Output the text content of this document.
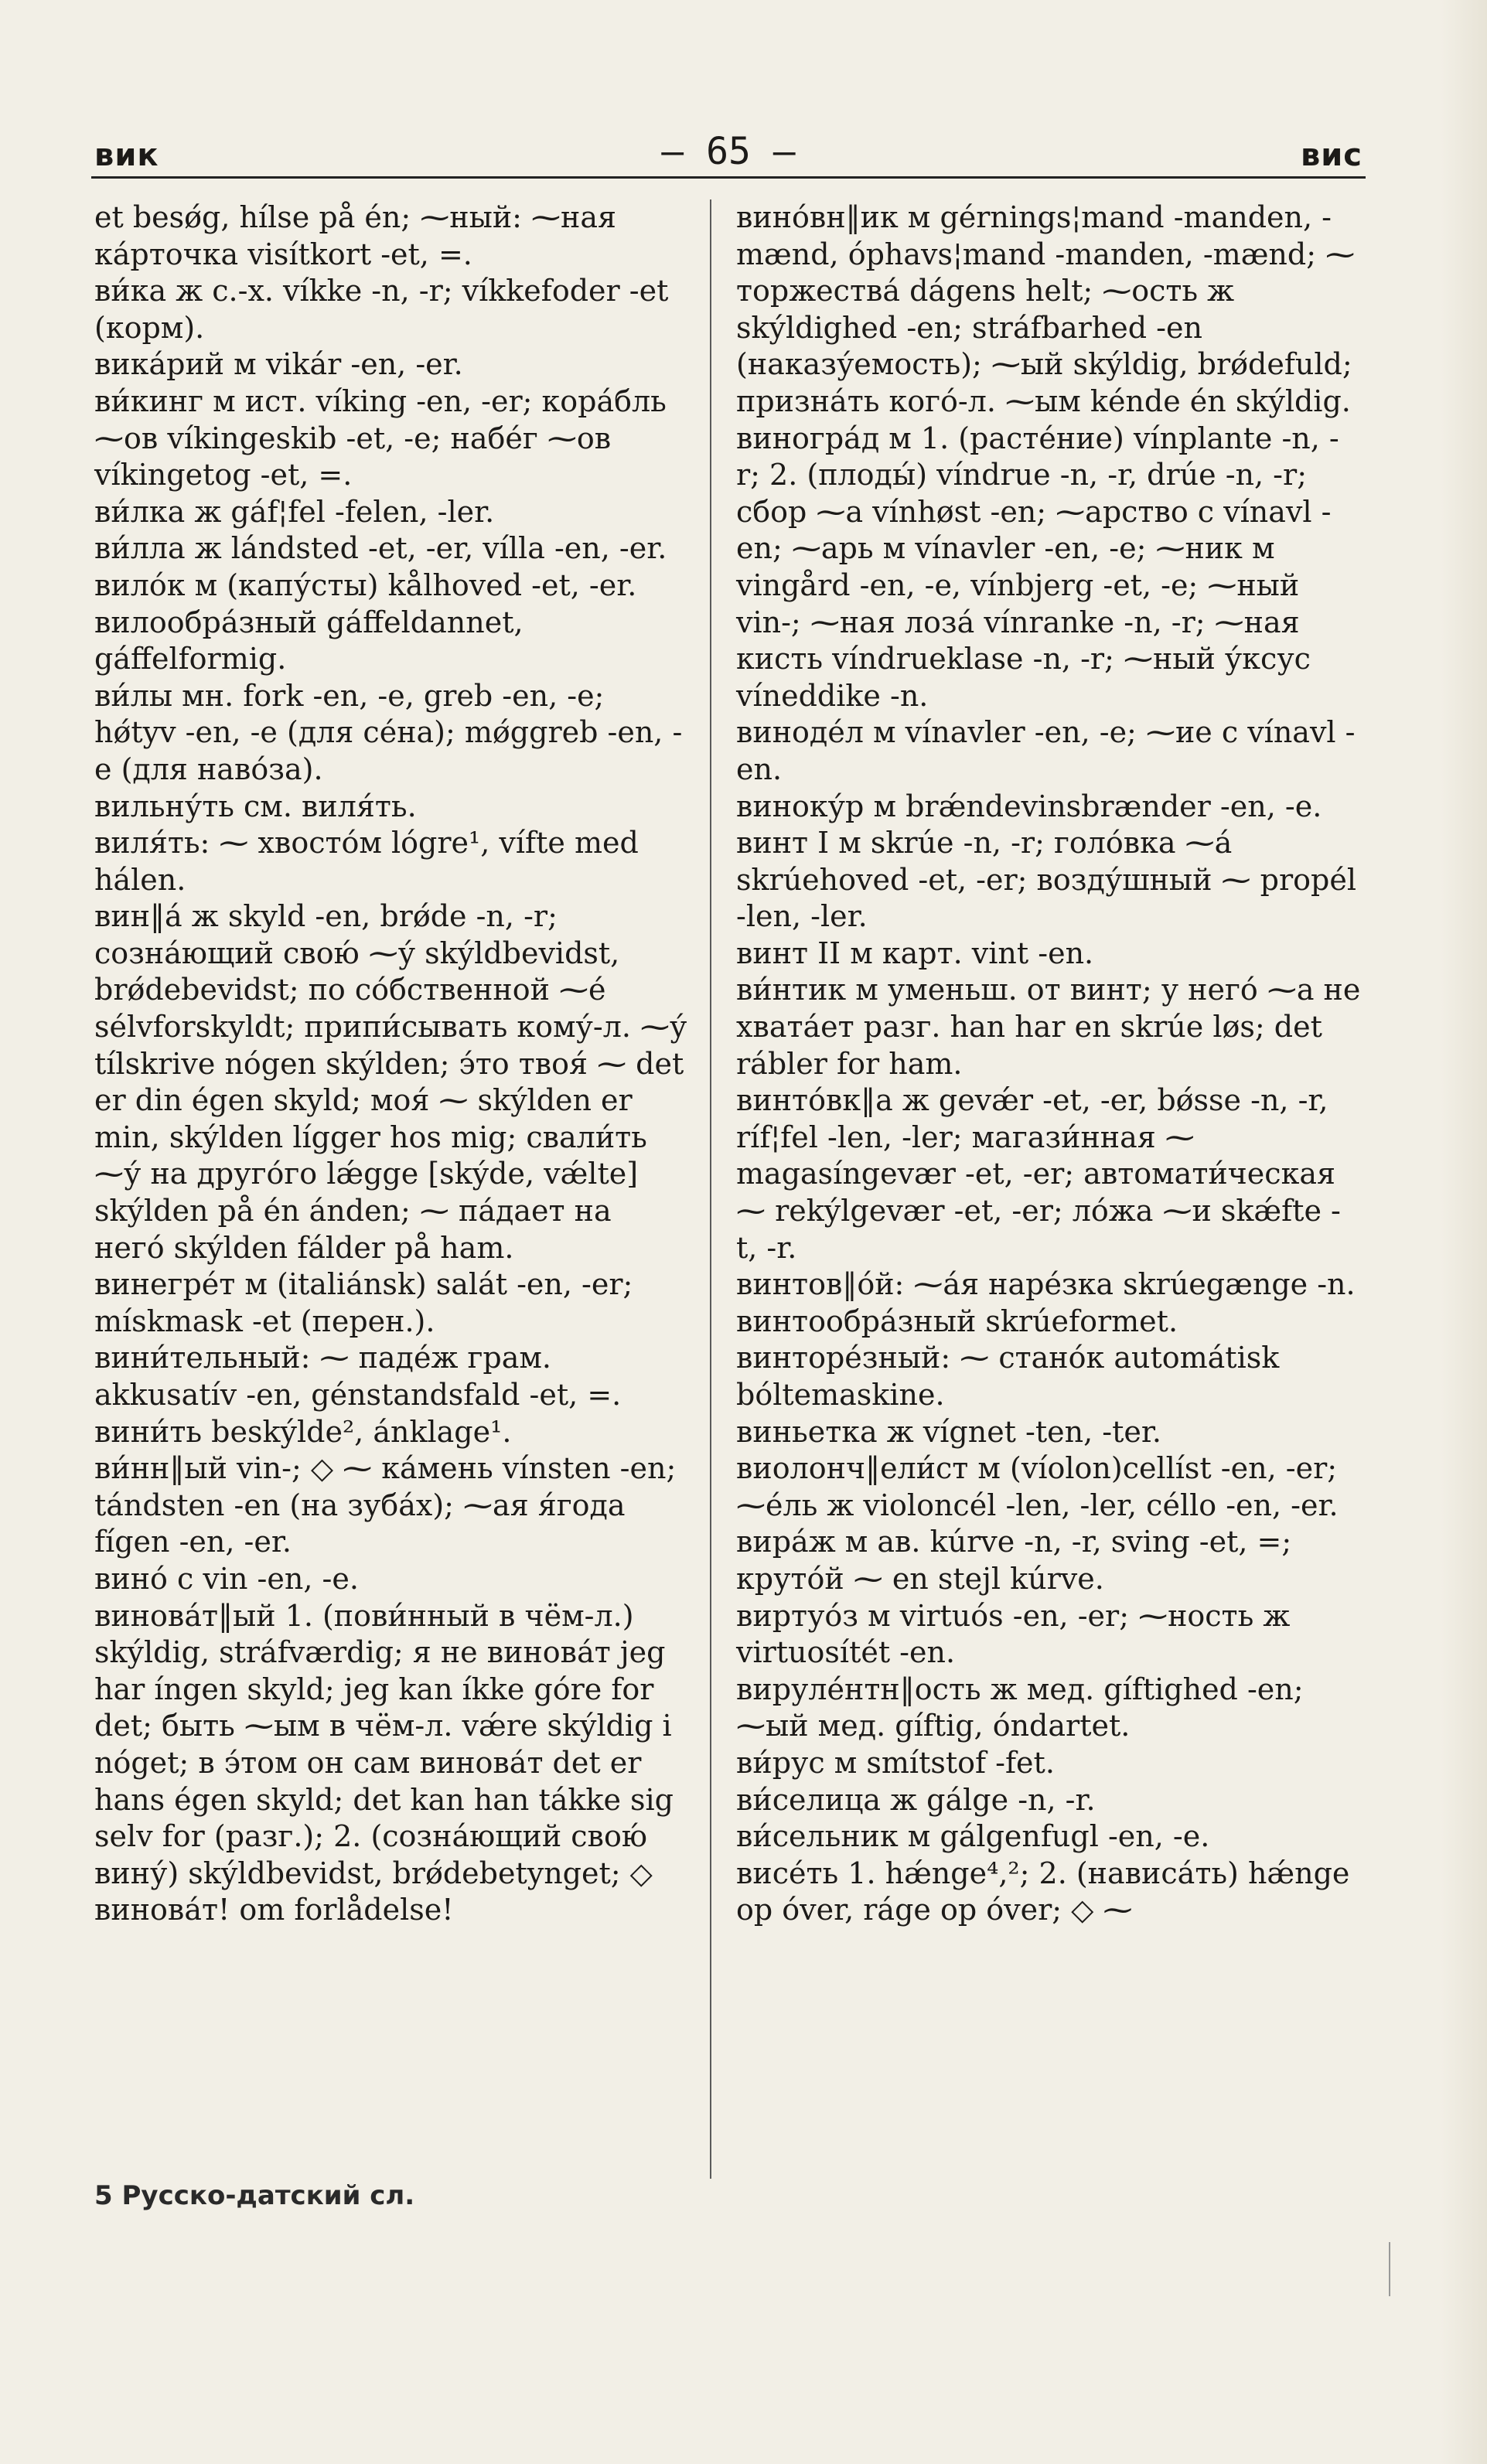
вик	— 65 —	вис

et besǿg, hílse på én; ⁓ный: ⁓ная ка́рточка visítkort -et, =.

ви́ка ж с.-х. víkke -n, -r; víkkefoder -et (корм).

вика́рий м vikár -en, -er.

ви́кинг м ист. víking -en, -er; кора́бль ⁓ов víkingeskib -et, -e; набе́г ⁓ов víkingetog -et, =.

ви́лка ж gáf¦fel -felen, -ler.

ви́лла ж lándsted -et, -er, vílla -en, -er.

вило́к м (капу́сты) kålhoved -et, -er.

вилообра́зный gáffeldannet, gáffelformig.

ви́лы мн. fork -en, -e, greb -en, -e; hǿtyv -en, -e (для се́на); mǿggreb -en, -e (для наво́за).

вильну́ть см. виля́ть.

виля́ть: ⁓ хвосто́м lógre¹, vífte med hálen.

вин‖а́ ж skyld -en, brǿde -n, -r; созна́ющий свою́ ⁓у́ skýldbevidst, brǿdebevidst; по со́бственной ⁓е́ sélvforskyldt; припи́сывать кому́-л. ⁓у́ tílskrive nógen skýlden; э́то твоя́ ⁓ det er din égen skyld; моя́ ⁓ skýlden er min, skýlden lígger hos mig; свали́ть ⁓у́ на друго́го lǽgge [skýde, vǽlte] skýlden på én ánden; ⁓ па́дает на него́ skýlden fálder på ham.

винегре́т м (italiánsk) salát -en, -er; mískmask -et (перен.).

вини́тельный: ⁓ паде́ж грам. akkusatív -en, génstandsfald -et, =.

вини́ть beskýlde², ánklage¹.

ви́нн‖ый vin-; ◇ ⁓ ка́мень vínsten -en; tándsten -en (на зуба́х); ⁓ая я́года fígen -en, -er.

вино́ с vin -en, -e.

винова́т‖ый 1. (пови́нный в чём-л.) skýldig, stráfværdig; я не винова́т jeg har íngen skyld; jeg kan íkke góre for det; быть ⁓ым в чём-л. vǽre skýldig i nóget; в э́том он сам винова́т det er hans égen skyld; det kan han tákke sig selv for (разг.); 2. (созна́ющий свою́ вину́) skýldbevidst, brǿdebetynget; ◇ винова́т! om forlådelse!

вино́вн‖ик м gérnings¦mand -manden, -mænd, óphavs¦mand -manden, -mænd; ⁓ торжества́ dágens helt; ⁓ость ж skýldighed -en; stráfbarhed -en (наказу́емость); ⁓ый skýldig, brǿdefuld; призна́ть кого́-л. ⁓ым kénde én skýldig.

виногра́д м 1. (расте́ние) vínplante -n, -r; 2. (плоды́) víndrue -n, -r, drúe -n, -r; сбор ⁓а vínhøst -en; ⁓арство с vínavl -en; ⁓арь м vínavler -en, -e; ⁓ник м vingård -en, -e, vínbjerg -et, -e; ⁓ный vin-; ⁓ная лоза́ vínranke -n, -r; ⁓ная кисть víndrueklase -n, -r; ⁓ный у́ксус víneddike -n.

виноде́л м vínavler -en, -e; ⁓ие с vínavl -en.

виноку́р м brǽndevinsbrænder -en, -e.

винт I м skrúe -n, -r; голо́вка ⁓а́ skrúehoved -et, -er; возду́шный ⁓ propél -len, -ler.

винт II м карт. vint -en.

ви́нтик м уменьш. от винт; у него́ ⁓а не хвата́ет разг. han har en skrúe løs; det rábler for ham.

винто́вк‖а ж gevǽr -et, -er, bǿsse -n, -r, ríf¦fel -len, -ler; магази́нная ⁓ magasíngevær -et, -er; автомати́ческая ⁓ rekýlgevær -et, -er; ло́жа ⁓и skǽfte -t, -r.

винтов‖о́й: ⁓а́я наре́зка skrúegænge -n.

винтообра́зный skrúeformet.

винторе́зный: ⁓ стано́к automátisk bóltemaskine.

виньетка ж vígnet -ten, -ter.

виолонч‖ели́ст м (víolon)cellíst -en, -er; ⁓е́ль ж violoncél -len, -ler, céllo -en, -er.

вира́ж м ав. kúrve -n, -r, sving -et, =; круто́й ⁓ en stejl kúrve.

виртуо́з м virtuós -en, -er; ⁓ность ж virtuosítét -en.

вируле́нтн‖ость ж мед. gíftighed -en; ⁓ый мед. gíftig, óndartet.

ви́рус м smítstof -fet.

ви́селица ж gálge -n, -r.

ви́сельник м gálgenfugl -en, -e.

висе́ть 1. hǽnge⁴,²; 2. (нависа́ть) hǽnge op óver, ráge op óver; ◇ ⁓

5 Русско-датский сл.
